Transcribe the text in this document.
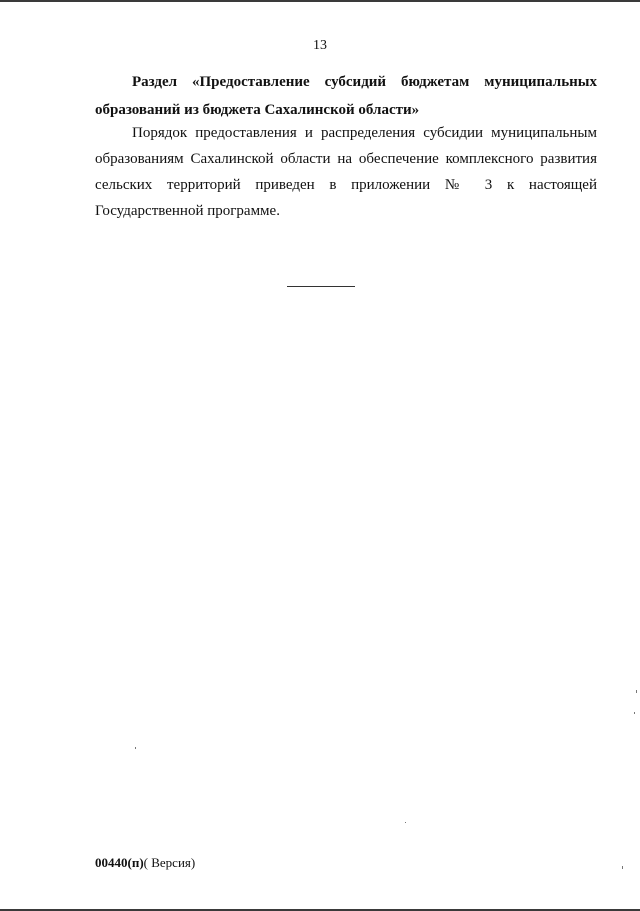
13

Раздел «Предоставление субсидий бюджетам муниципальных
образований из бюджета Сахалинской области»

Порядок предоставления и распределения субсидии муниципальным
образованиям Сахалинской области на обеспечение комплексного развития
сельских территорий приведен в приложении № 3 к настоящей
Государственной программе.

00440(п)( Версия)
